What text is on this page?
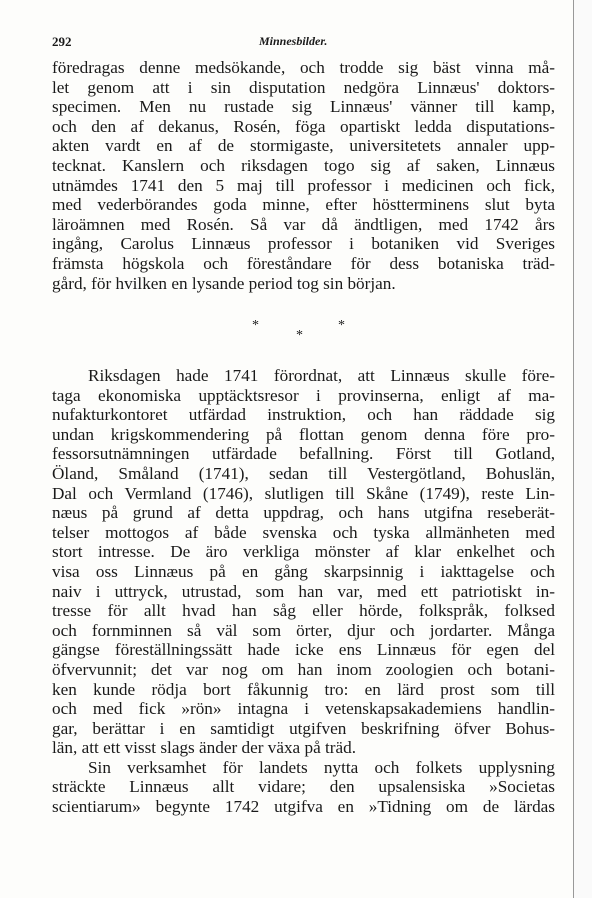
292	Minnesbilder.
föredragas denne medsökande, och trodde sig bäst vinna må-
let genom att i sin disputation nedgöra Linnæus' doktors-
specimen. Men nu rustade sig Linnæus' vänner till kamp,
och den af dekanus, Rosén, föga opartiskt ledda disputations-
akten vardt en af de stormigaste, universitetets annaler upp-
tecknat. Kanslern och riksdagen togo sig af saken, Linnæus
utnämdes 1741 den 5 maj till professor i medicinen och fick,
med vederbörandes goda minne, efter höstterminens slut byta
läroämnen med Rosén. Så var då ändtligen, med 1742 års
ingång, Carolus Linnæus professor i botaniken vid Sveriges
främsta högskola och föreståndare för dess botaniska träd-
gård, för hvilken en lysande period tog sin början.
*
*
*
Riksdagen hade 1741 förordnat, att Linnæus skulle före-
taga ekonomiska upptäcktsresor i provinserna, enligt af ma-
nufakturkontoret utfärdad instruktion, och han räddade sig
undan krigskommendering på flottan genom denna före pro-
fessorsutnämningen utfärdade befallning. Först till Gotland,
Öland, Småland (1741), sedan till Vestergötland, Bohuslän,
Dal och Vermland (1746), slutligen till Skåne (1749), reste Lin-
næus på grund af detta uppdrag, och hans utgifna reseberät-
telser mottogos af både svenska och tyska allmänheten med
stort intresse. De äro verkliga mönster af klar enkelhet och
visa oss Linnæus på en gång skarpsinnig i iakttagelse och
naiv i uttryck, utrustad, som han var, med ett patriotiskt in-
tresse för allt hvad han såg eller hörde, folkspråk, folksed
och fornminnen så väl som örter, djur och jordarter. Många
gängse föreställningssätt hade icke ens Linnæus för egen del
öfvervunnit; det var nog om han inom zoologien och botani-
ken kunde rödja bort fåkunnig tro: en lärd prost som till
och med fick »rön» intagna i vetenskapsakademiens handlin-
gar, berättar i en samtidigt utgifven beskrifning öfver Bohus-
län, att ett visst slags änder der växa på träd.
Sin verksamhet för landets nytta och folkets upplysning
sträckte Linnæus allt vidare; den upsalensiska »Societas
scientiarum» begynte 1742 utgifva en »Tidning om de lärdas
